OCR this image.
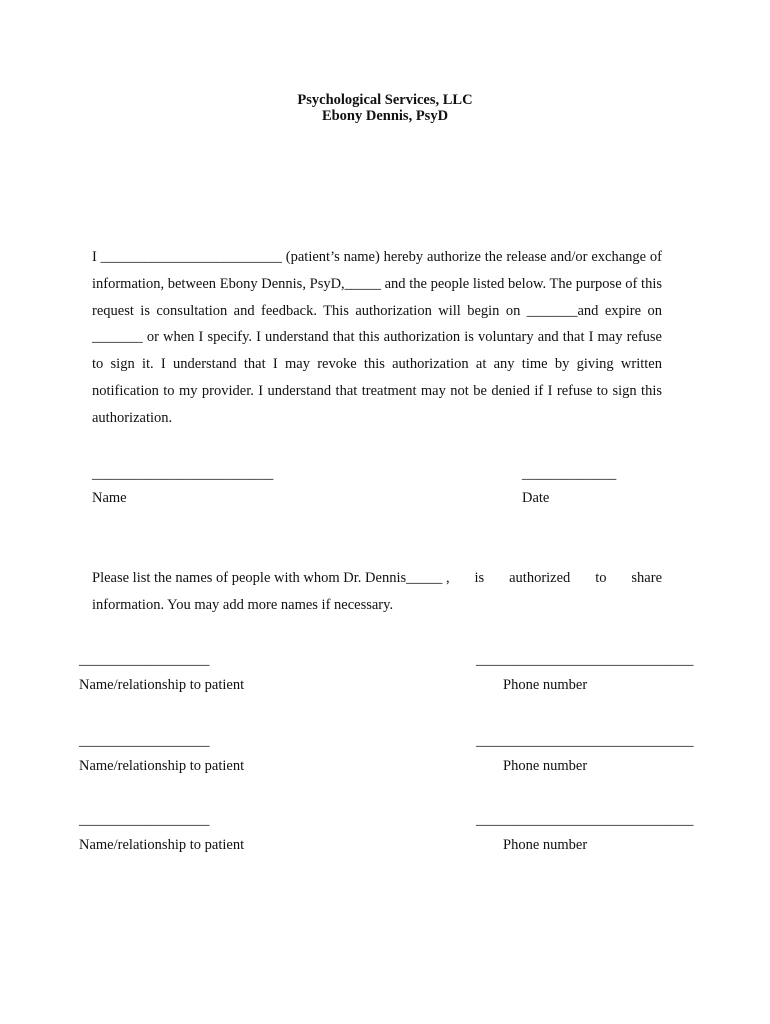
Psychological Services, LLC
Ebony Dennis, PsyD
I _________________________ (patient’s name) hereby authorize the release and/or exchange of information, between Ebony Dennis, PsyD,_____ and the people listed below. The purpose of this request is consultation and feedback. This authorization will begin on _______and expire on _______ or when I specify. I understand that this authorization is voluntary and that I may refuse to sign it. I understand that I may revoke this authorization at any time by giving written notification to my provider. I understand that treatment may not be denied if I refuse to sign this authorization.
_________________________
Name
_____________
Date
Please list the names of people with whom Dr. Dennis_____ , is authorized to share
information. You may add more names if necessary.
__________________
Name/relationship to patient
______________________________
Phone number
__________________
Name/relationship to patient
______________________________
Phone number
__________________
Name/relationship to patient
______________________________
Phone number
